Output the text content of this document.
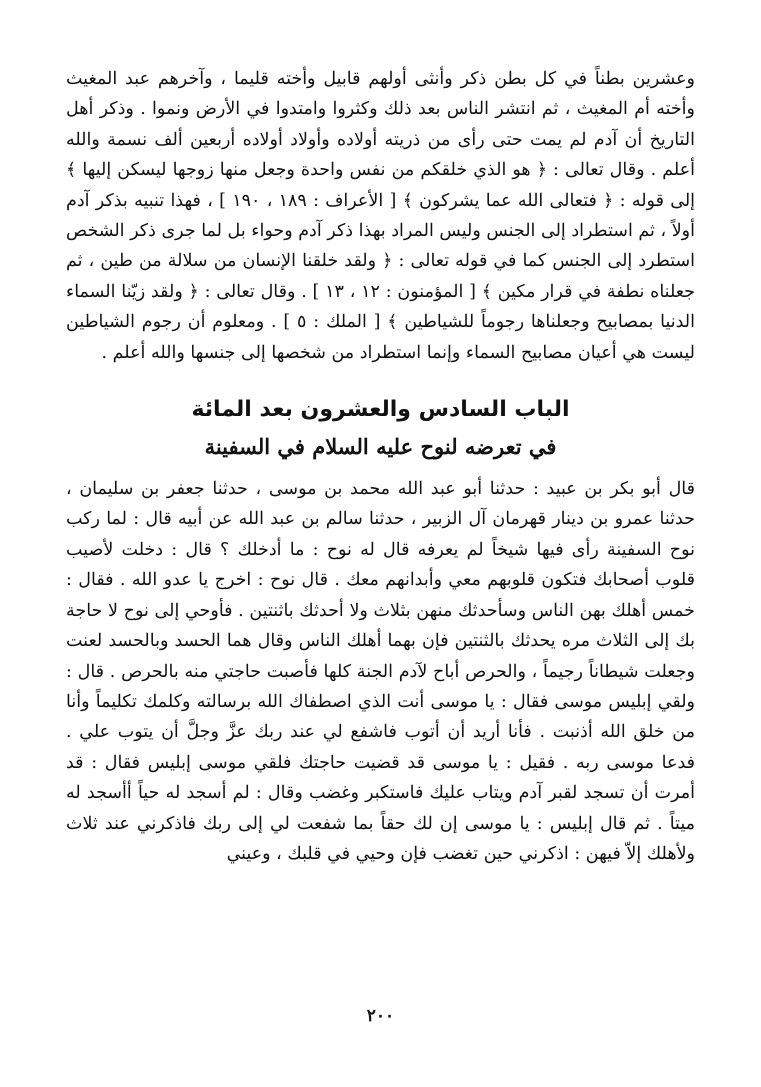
وعشرين بطناً في كل بطن ذكر وأنثى أولهم قابيل وأخته قليما ، وآخرهم عبد المغيث وأخته أم المغيث ، ثم انتشر الناس بعد ذلك وكثروا وامتدوا في الأرض ونموا . وذكر أهل التاريخ أن آدم لم يمت حتى رأى من ذريته أولاده وأولاد أولاده أربعين ألف نسمة والله أعلم . وقال تعالى : ﴿ هو الذي خلقكم من نفس واحدة وجعل منها زوجها ليسكن إليها ﴾ إلى قوله : ﴿ فتعالى الله عما يشركون ﴾ [ الأعراف : ١٨٩ ، ١٩٠ ] ، فهذا تنبيه بذكر آدم أولاً ، ثم استطراد إلى الجنس وليس المراد بهذا ذكر آدم وحواء بل لما جرى ذكر الشخص استطرد إلى الجنس كما في قوله تعالى : ﴿ ولقد خلقنا الإنسان من سلالة من طين ، ثم جعلناه نطفة في قرار مكين ﴾ [ المؤمنون : ١٢ ، ١٣ ] . وقال تعالى : ﴿ ولقد زيّنا السماء الدنيا بمصابيح وجعلناها رجوماً للشياطين ﴾ [ الملك : ٥ ] . ومعلوم أن رجوم الشياطين ليست هي أعيان مصابيح السماء وإنما استطراد من شخصها إلى جنسها والله أعلم .

الباب السادس والعشرون بعد المائة
في تعرضه لنوح عليه السلام في السفينة

قال أبو بكر بن عبيد : حدثنا أبو عبد الله محمد بن موسى ، حدثنا جعفر بن سليمان ، حدثنا عمرو بن دينار قهرمان آل الزبير ، حدثنا سالم بن عبد الله عن أبيه قال : لما ركب نوح السفينة رأى فيها شيخاً لم يعرفه قال له نوح : ما أدخلك ؟ قال : دخلت لأصيب قلوب أصحابك فتكون قلوبهم معي وأبدانهم معك . قال نوح : اخرج يا عدو الله . فقال : خمس أهلك بهن الناس وسأحدثك منهن بثلاث ولا أحدثك باثنتين . فأوحي إلى نوح لا حاجة بك إلى الثلاث مره يحدثك بالثنتين فإن بهما أهلك الناس وقال هما الحسد وبالحسد لعنت وجعلت شيطاناً رجيماً ، والحرص أباح لآدم الجنة كلها فأصبت حاجتي منه بالحرص . قال : ولقي إبليس موسى فقال : يا موسى أنت الذي اصطفاك الله برسالته وكلمك تكليماً وأنا من خلق الله أذنبت . فأنا أريد أن أتوب فاشفع لي عند ربك عزَّ وجلَّ أن يتوب علي . فدعا موسى ربه . فقيل : يا موسى قد قضيت حاجتك فلقي موسى إبليس فقال : قد أمرت أن تسجد لقبر آدم ويتاب عليك فاستكبر وغضب وقال : لم أسجد له حياً أأسجد له ميتاً . ثم قال إبليس : يا موسى إن لك حقاً بما شفعت لي إلى ربك فاذكرني عند ثلاث ولأهلك إلاّ فيهن : اذكرني حين تغضب فإن وحيي في قلبك ، وعيني

٢٠٠
